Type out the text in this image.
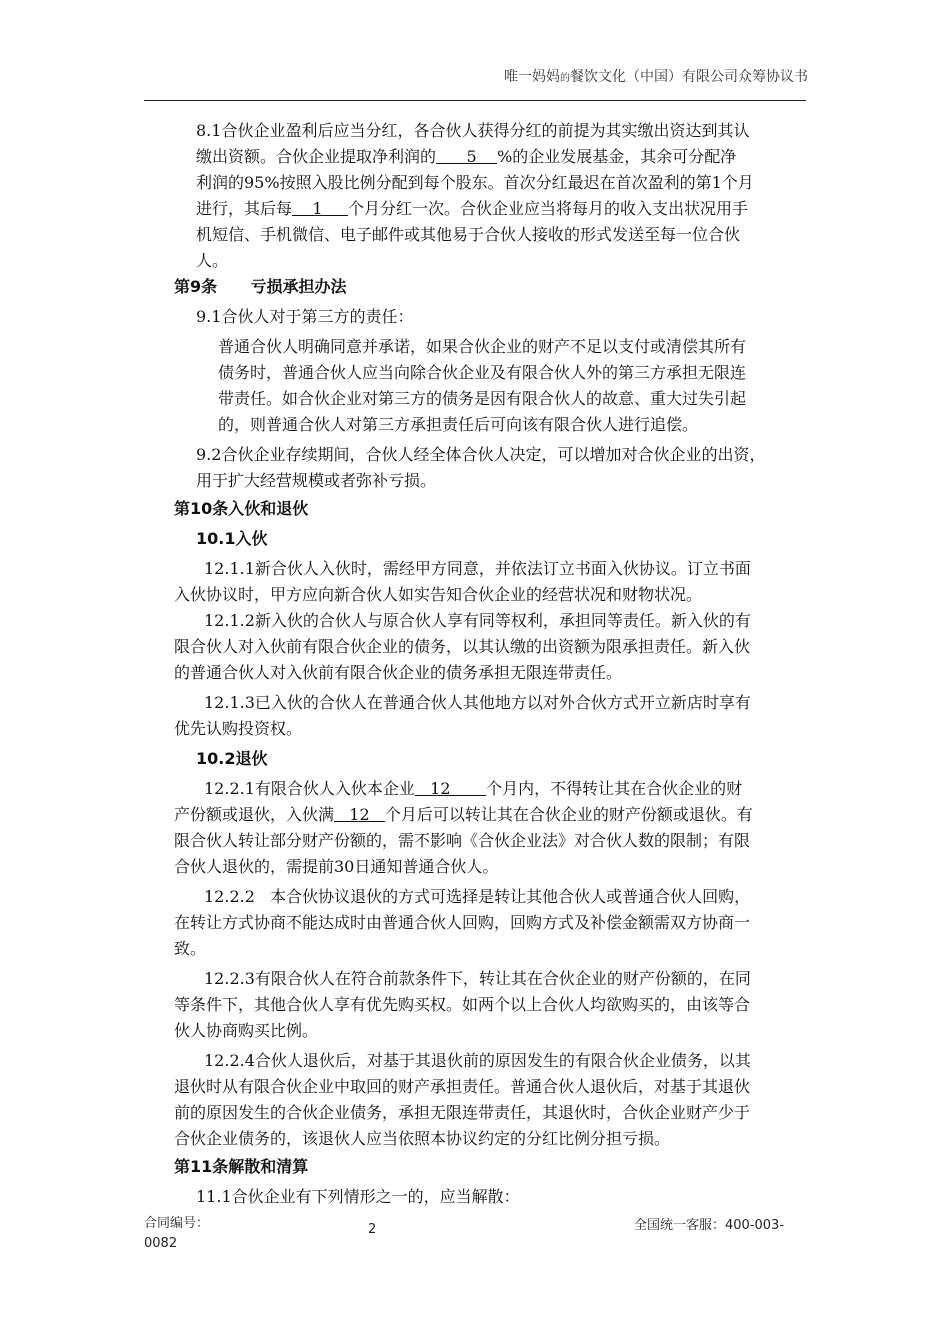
唯一妈妈的餐饮文化（中国）有限公司众筹协议书
8.1合伙企业盈利后应当分红，各合伙人获得分红的前提为其实缴出资达到其认
缴出资额。合伙企业提取净利润的      5    %的企业发展基金，其余可分配净
利润的95%按照入股比例分配到每个股东。首次分红最迟在首次盈利的第1个月
进行，其后每    1     个月分红一次。合伙企业应当将每月的收入支出状况用手
机短信、手机微信、电子邮件或其他易于合伙人接收的形式发送至每一位合伙
人。
第9条      亏损承担办法
9.1合伙人对于第三方的责任：
普通合伙人明确同意并承诺，如果合伙企业的财产不足以支付或清偿其所有
债务时，普通合伙人应当向除合伙企业及有限合伙人外的第三方承担无限连
带责任。如合伙企业对第三方的债务是因有限合伙人的故意、重大过失引起
的，则普通合伙人对第三方承担责任后可向该有限合伙人进行追偿。
9.2合伙企业存续期间，合伙人经全体合伙人决定，可以增加对合伙企业的出资，
用于扩大经营规模或者弥补亏损。
第10条入伙和退伙
10.1入伙
12.1.1新合伙人入伙时，需经甲方同意，并依法订立书面入伙协议。订立书面
入伙协议时，甲方应向新合伙人如实告知合伙企业的经营状况和财物状况。
12.1.2新入伙的合伙人与原合伙人享有同等权利，承担同等责任。新入伙的有
限合伙人对入伙前有限合伙企业的债务，以其认缴的出资额为限承担责任。新入伙
的普通合伙人对入伙前有限合伙企业的债务承担无限连带责任。
12.1.3已入伙的合伙人在普通合伙人其他地方以对外合伙方式开立新店时享有
优先认购投资权。
10.2退伙
12.2.1有限合伙人入伙本企业   12       个月内，不得转让其在合伙企业的财
产份额或退伙，入伙满   12   个月后可以转让其在合伙企业的财产份额或退伙。有
限合伙人转让部分财产份额的，需不影响《合伙企业法》对合伙人数的限制；有限
合伙人退伙的，需提前30日通知普通合伙人。
12.2.2   本合伙协议退伙的方式可选择是转让其他合伙人或普通合伙人回购，
在转让方式协商不能达成时由普通合伙人回购，回购方式及补偿金额需双方协商一
致。
12.2.3有限合伙人在符合前款条件下，转让其在合伙企业的财产份额的，在同
等条件下，其他合伙人享有优先购买权。如两个以上合伙人均欲购买的，由该等合
伙人协商购买比例。
12.2.4合伙人退伙后，对基于其退伙前的原因发生的有限合伙企业债务，以其
退伙时从有限合伙企业中取回的财产承担责任。普通合伙人退伙后，对基于其退伙
前的原因发生的合伙企业债务，承担无限连带责任，其退伙时，合伙企业财产少于
合伙企业债务的，该退伙人应当依照本协议约定的分红比例分担亏损。
第11条解散和清算
11.1合伙企业有下列情形之一的，应当解散：
合同编号：
0082
2	全国统一客服：400-003-
